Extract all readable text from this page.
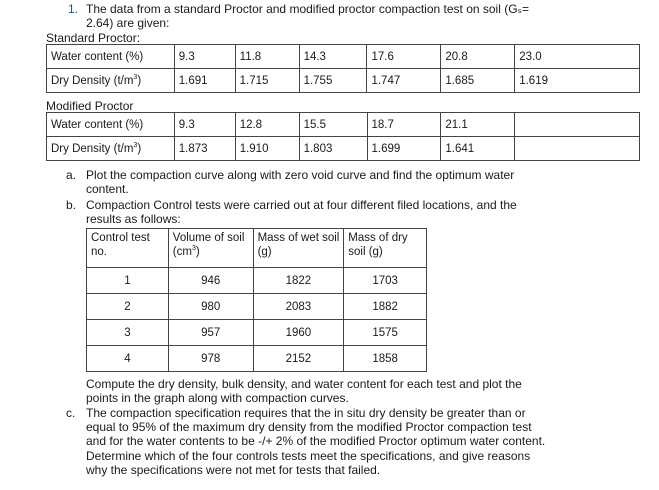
1. The data from a standard Proctor and modified proctor compaction test on soil (Gₛ=
2.64) are given:
Standard Proctor:
Water content (%)	9.3	11.8	14.3	17.6	20.8	23.0
Dry Density $(t/m^3)$	1.691	1.715	1.755	1.747	1.685	1.619
Modified Proctor
Water content (%)	9.3	12.8	15.5	18.7	21.1	
Dry Density $(t/m^3)$	1.873	1.910	1.803	1.699	1.641	
a. Plot the compaction curve along with zero void curve and find the optimum water
content.
b. Compaction Control tests were carried out at four different filed locations, and the
results as follows:
Control test no.	Volume of soil $(cm^3)$	Mass of wet soil (g)	Mass of dry soil (g)
1	946	1822	1703
2	980	2083	1882
3	957	1960	1575
4	978	2152	1858
Compute the dry density, bulk density, and water content for each test and plot the
points in the graph along with compaction curves.
c. The compaction specification requires that the in situ dry density be greater than or
equal to 95% of the maximum dry density from the modified Proctor compaction test
and for the water contents to be -/+ 2% of the modified Proctor optimum water content.
Determine which of the four controls tests meet the specifications, and give reasons
why the specifications were not met for tests that failed.
